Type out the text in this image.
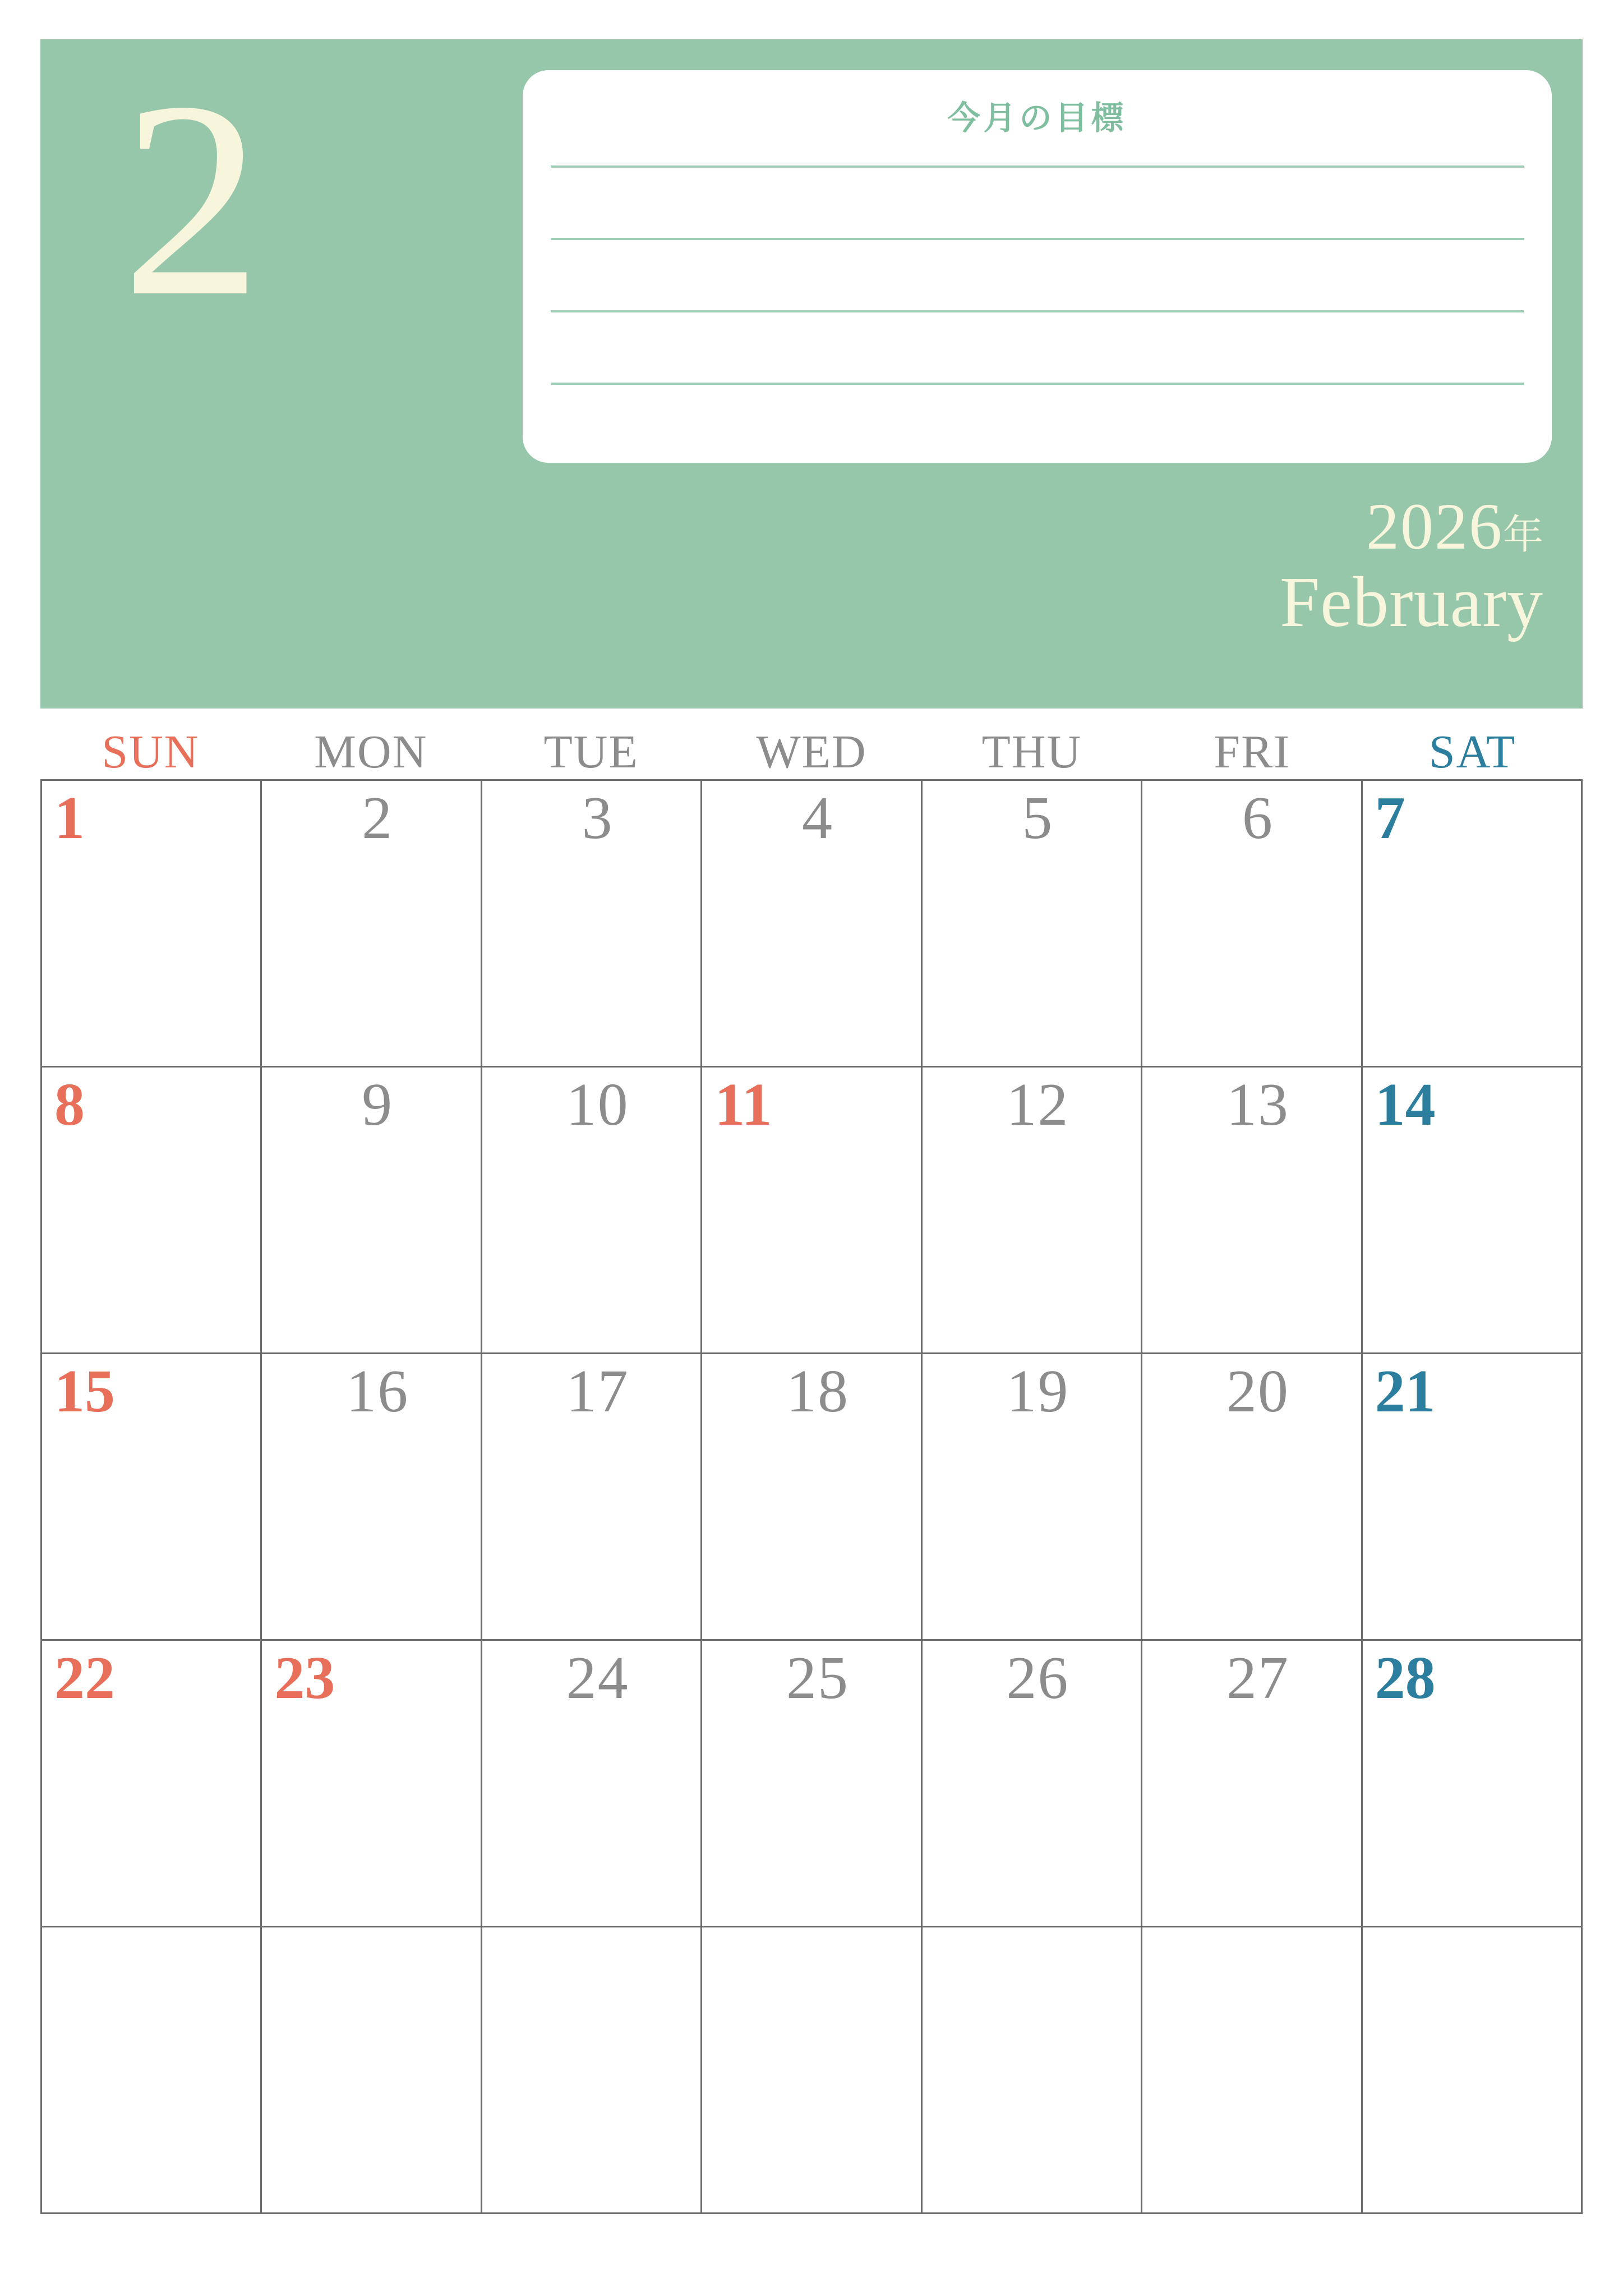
2	今月の目標
2026年
February
SUN	MON	TUE	WED	THU	FRI	SAT
1	2	3	4	5	6	7
8	9	10	11	12	13	14
15	16	17	18	19	20	21
22	23	24	25	26	27	28
